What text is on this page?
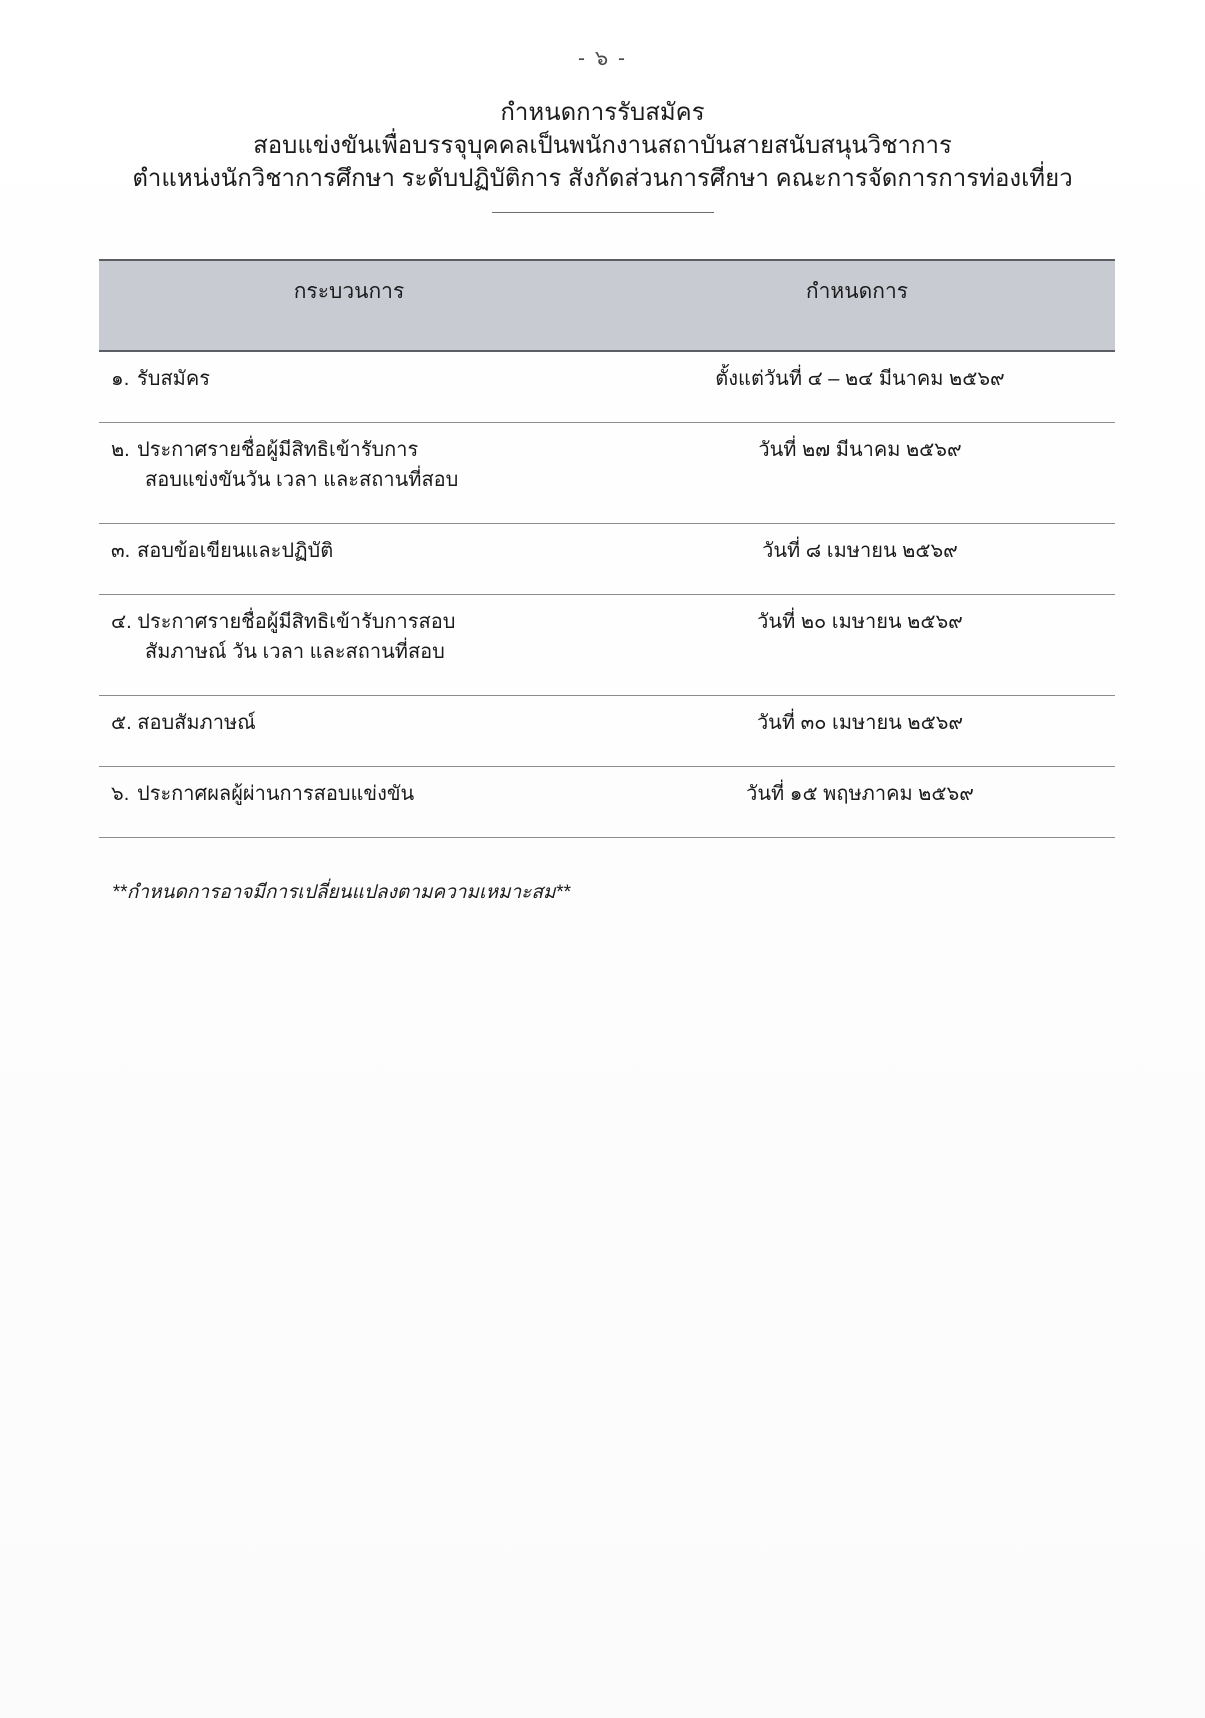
- ๖ -
กำหนดการรับสมัคร
สอบแข่งขันเพื่อบรรจุบุคคลเป็นพนักงานสถาบันสายสนับสนุนวิชาการ
ตำแหน่งนักวิชาการศึกษา ระดับปฏิบัติการ สังกัดส่วนการศึกษา คณะการจัดการการท่องเที่ยว
กระบวนการ	กำหนดการ
๑. รับสมัคร	ตั้งแต่วันที่ ๔ – ๒๔ มีนาคม ๒๕๖๙
๒. ประกาศรายชื่อผู้มีสิทธิเข้ารับการ
สอบแข่งขันวัน เวลา และสถานที่สอบ	วันที่ ๒๗ มีนาคม ๒๕๖๙
๓. สอบข้อเขียนและปฏิบัติ	วันที่ ๘ เมษายน ๒๕๖๙
๔. ประกาศรายชื่อผู้มีสิทธิเข้ารับการสอบ
สัมภาษณ์ วัน เวลา และสถานที่สอบ	วันที่ ๒๐ เมษายน ๒๕๖๙
๕. สอบสัมภาษณ์	วันที่ ๓๐ เมษายน ๒๕๖๙
๖. ประกาศผลผู้ผ่านการสอบแข่งขัน	วันที่ ๑๕ พฤษภาคม ๒๕๖๙
**กำหนดการอาจมีการเปลี่ยนแปลงตามความเหมาะสม**
